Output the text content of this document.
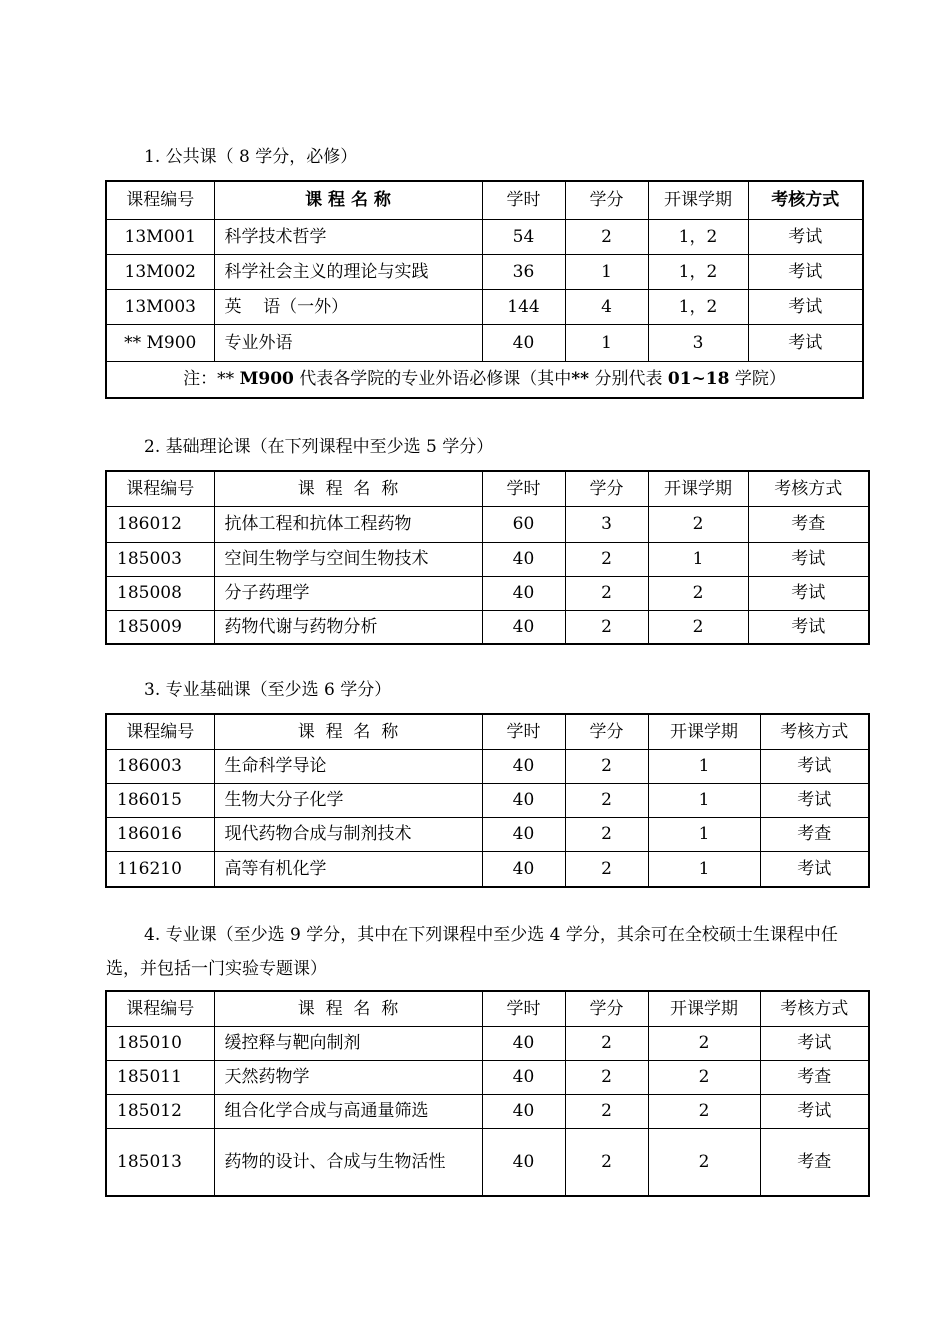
1. 公共课（ 8 学分，必修）
课程编号	课 程 名 称	学时	学分	开课学期	考核方式
13M001	科学技术哲学	54	2	1，2	考试
13M002	科学社会主义的理论与实践	36	1	1，2	考试
13M003	英    语（一外）	144	4	1，2	考试
** M900	专业外语	40	1	3	考试
注：** M900 代表各学院的专业外语必修课（其中** 分别代表 01~18 学院）					
2. 基础理论课（在下列课程中至少选 5 学分）
课程编号	课  程  名  称	学时	学分	开课学期	考核方式
186012	抗体工程和抗体工程药物	60	3	2	考查
185003	空间生物学与空间生物技术	40	2	1	考试
185008	分子药理学	40	2	2	考试
185009	药物代谢与药物分析	40	2	2	考试
3. 专业基础课（至少选 6 学分）
课程编号	课  程  名  称	学时	学分	开课学期	考核方式
186003	生命科学导论	40	2	1	考试
186015	生物大分子化学	40	2	1	考试
186016	现代药物合成与制剂技术	40	2	1	考查
116210	高等有机化学	40	2	1	考试
4. 专业课（至少选 9 学分，其中在下列课程中至少选 4 学分，其余可在全校硕士生课程中任选，并包括一门实验专题课）
课程编号	课  程  名  称	学时	学分	开课学期	考核方式
185010	缓控释与靶向制剂	40	2	2	考试
185011	天然药物学	40	2	2	考查
185012	组合化学合成与高通量筛选	40	2	2	考试
185013	药物的设计、合成与生物活性	40	2	2	考查
